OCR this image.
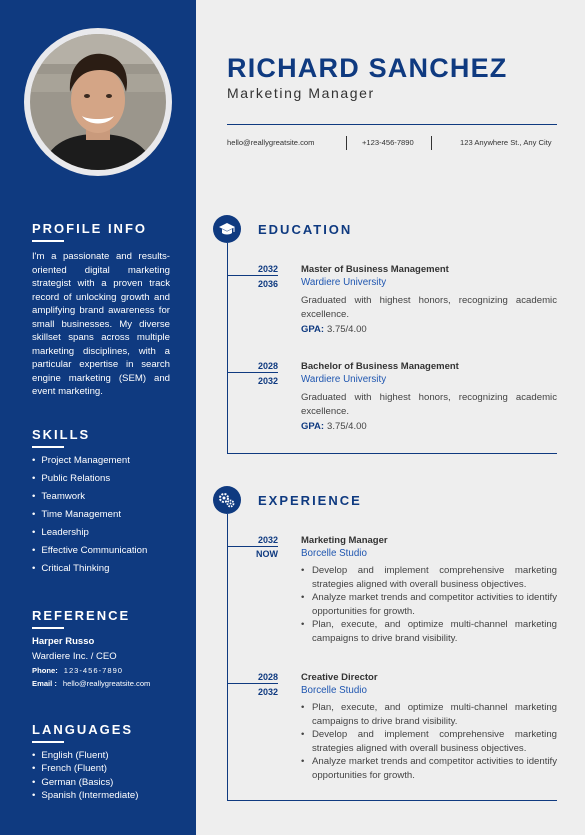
PROFILE INFO
I'm a passionate and results-oriented digital marketing strategist with a proven track record of unlocking growth and amplifying brand awareness for small businesses. My diverse skillset spans across multiple marketing disciplines, with a particular expertise in search engine marketing (SEM) and event marketing.
SKILLS
• Project Management
• Public Relations
• Teamwork
• Time Management
• Leadership
• Effective Communication
• Critical Thinking
REFERENCE
Harper Russo
Wardiere Inc. / CEO
Phone: 123-456-7890
Email : hello@reallygreatsite.com
LANGUAGES
• English (Fluent)
• French (Fluent)
• German (Basics)
• Spanish (Intermediate)
RICHARD SANCHEZ
Marketing Manager
hello@reallygreatsite.com	+123-456-7890	123 Anywhere St., Any City
EDUCATION
2032
2036
Master of Business Management
Wardiere University
Graduated with highest honors, recognizing academic excellence.
GPA: 3.75/4.00
2028
2032
Bachelor of Business Management
Wardiere University
Graduated with highest honors, recognizing academic excellence.
GPA: 3.75/4.00
EXPERIENCE
2032
NOW
Marketing Manager
Borcelle Studio
• Develop and implement comprehensive marketing strategies aligned with overall business objectives.
• Analyze market trends and competitor activities to identify opportunities for growth.
• Plan, execute, and optimize multi-channel marketing campaigns to drive brand visibility.
2028
2032
Creative Director
Borcelle Studio
• Plan, execute, and optimize multi-channel marketing campaigns to drive brand visibility.
• Develop and implement comprehensive marketing strategies aligned with overall business objectives.
• Analyze market trends and competitor activities to identify opportunities for growth.
